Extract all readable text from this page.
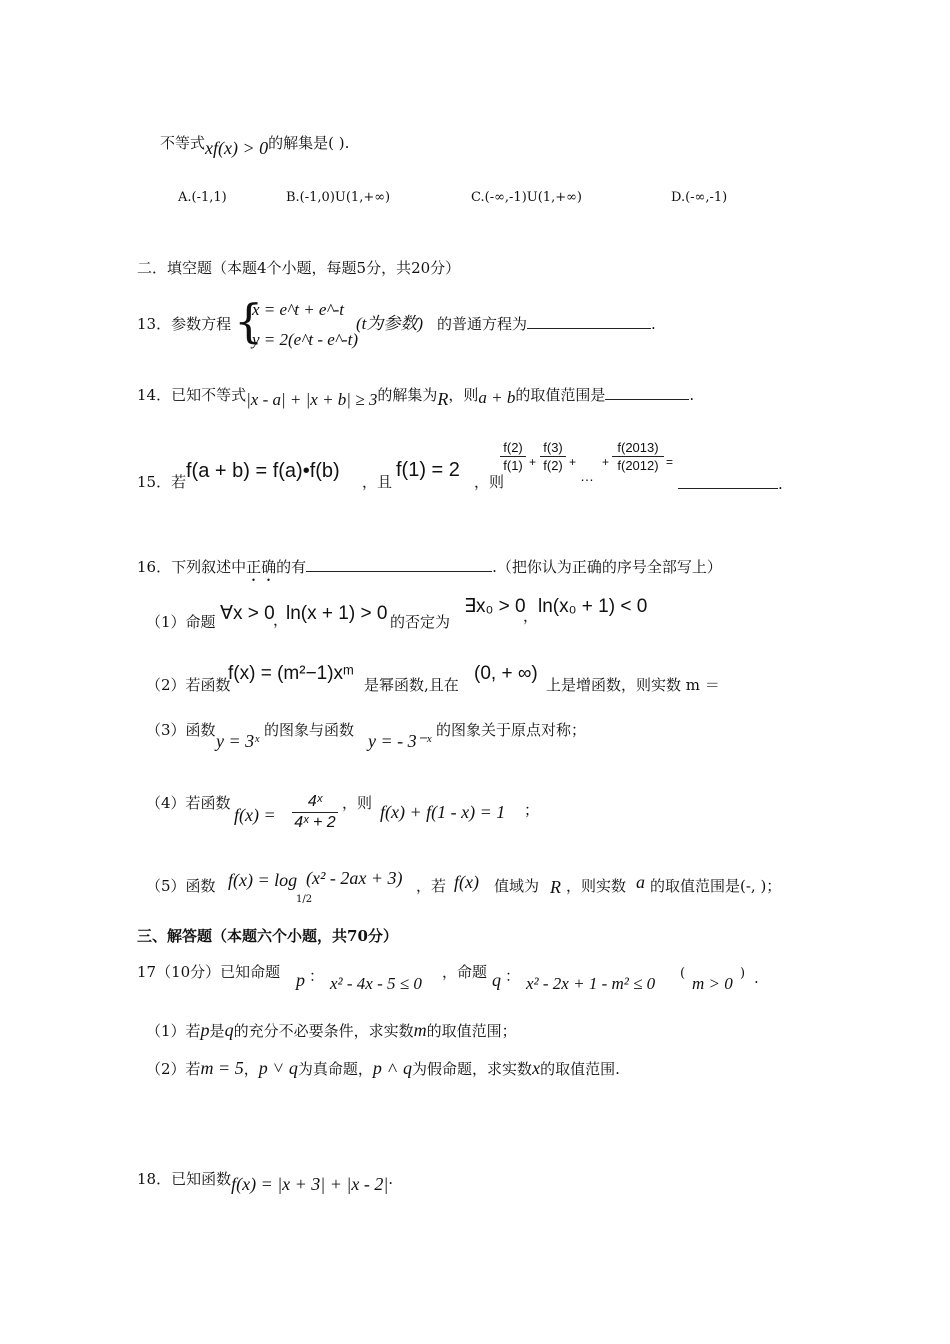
不等式xf(x) > 0的解集是( ).
A.(-1,1)	B.(-1,0)U(1,+∞)	C.(-∞,-1)U(1,+∞)	D.(-∞,-1)
二．填空题（本题4个小题，每题5分，共20分）
13．参数方程 {
x = e^t + e^-t
y = 2(e^t - e^-t)
(t为参数) 的普通方程为	.
14．已知不等式|x - a| + |x + b| ≥ 3的解集为R，则a + b的取值范围是	.
15．若 f(a + b) = f(a)•f(b) ，且
f(1) = 2
，则
f(2)
f(1) +
f(3)
f(2) +
…
+
f(2013)
f(2012) =
.
16．下列叙述中正确的有	.（把你认为正确的序号全部写上）
（1）命题 ∀x > 0
，
ln(x + 1) > 0 的否定为
∃x₀ > 0
， ln(x₀ + 1) < 0
（2）若函数
f(x) = (m²−1)xᵐ
是幂函数,且在
(0, + ∞)
上是增函数，则实数 m ＝
（3）函数
y = 3ˣ
的图象与函数
y = - 3⁻ˣ
的图象关于原点对称；
（4）若函数
f(x) =
4ˣ
4ˣ + 2
，则 f(x) + f(1 - x) = 1 ；
（5）函数 f(x) = log
1/2
(x² - 2ax + 3) ，若 f(x) 值域为 R ，则实数 a 的取值范围是(-, )；
三、解答题（本题六个小题，共70分）
17（10分）已知命题 p ： x² - 4x - 5 ≤ 0
，命题 q ： x² - 2x + 1 - m² ≤ 0
(
m > 0
) .
（1）若p是q的充分不必要条件，求实数m的取值范围；
（2）若m = 5，p ˅ q为真命题，p ˄ q为假命题，求实数x的取值范围.
18．已知函数f(x) = |x + 3| + |x - 2|.
